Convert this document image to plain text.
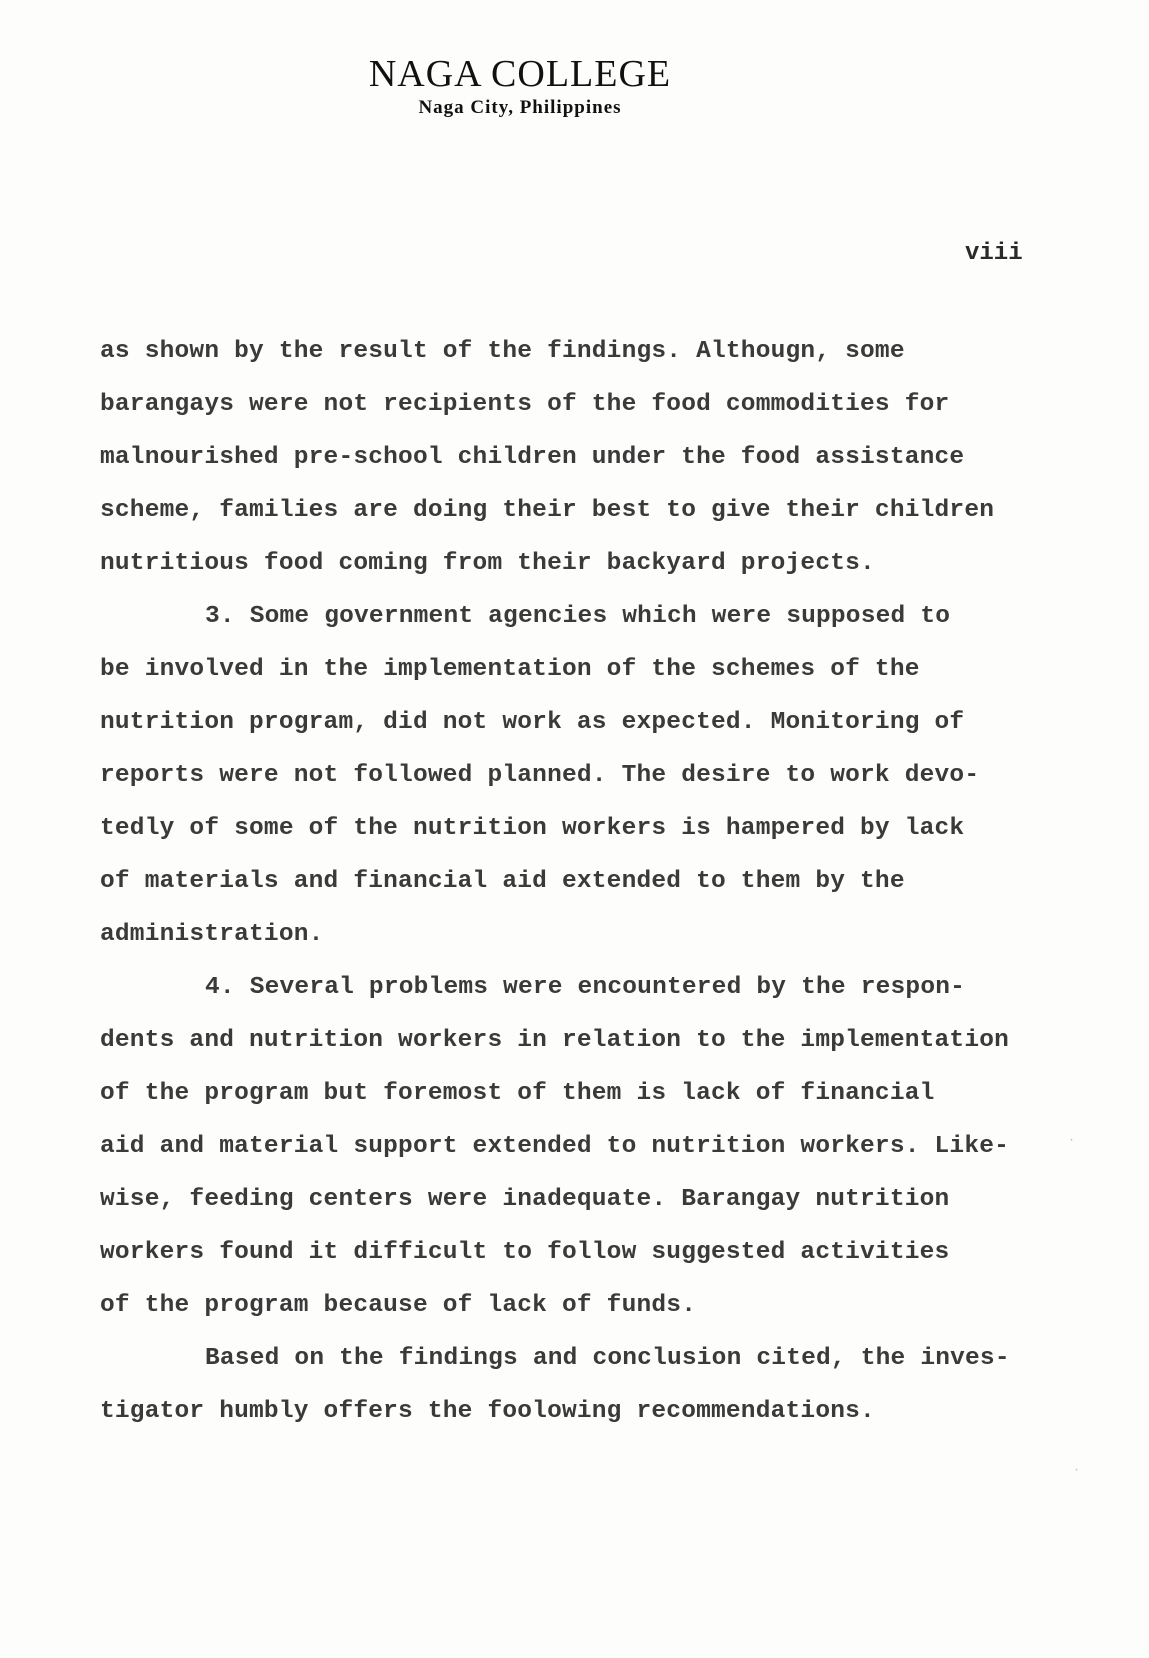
NAGA COLLEGE
Naga City, Philippines
viii
as shown by the result of the findings. Althougn, some
barangays were not recipients of the food commodities for
malnourished pre-school children under the food assistance
scheme, families are doing their best to give their children
nutritious food coming from their backyard projects.
3. Some government agencies which were supposed to
be involved in the implementation of the schemes of the
nutrition program, did not work as expected. Monitoring of
reports were not followed planned. The desire to work devo-
tedly of some of the nutrition workers is hampered by lack
of materials and financial aid extended to them by the
administration.
4. Several problems were encountered by the respon-
dents and nutrition workers in relation to the implementation
of the program but foremost of them is lack of financial
aid and material support extended to nutrition workers. Like-
wise, feeding centers were inadequate. Barangay nutrition
workers found it difficult to follow suggested activities
of the program because of lack of funds.
Based on the findings and conclusion cited, the inves-
tigator humbly offers the foolowing recommendations.
˙
˙
